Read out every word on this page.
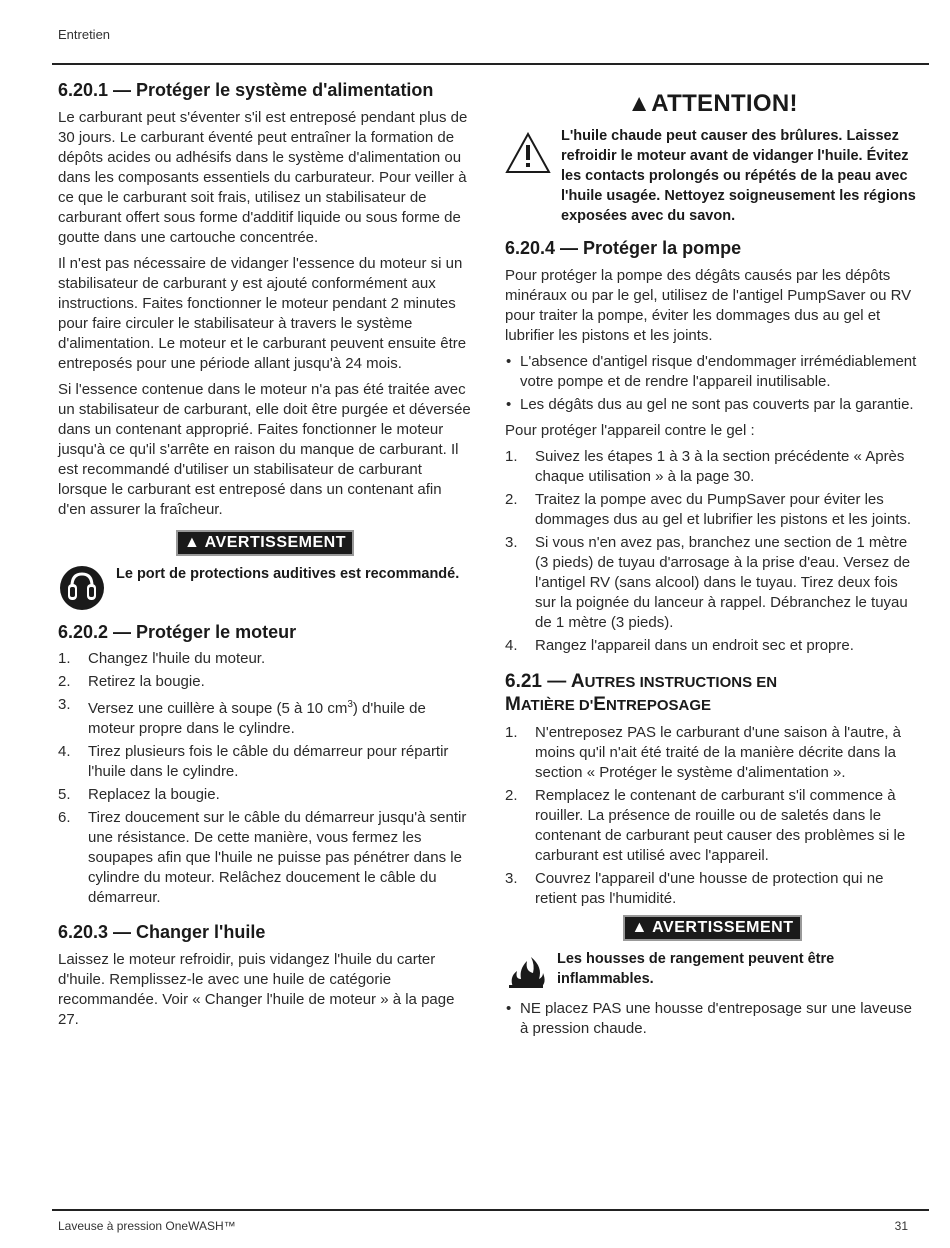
Entretien
6.20.1 — Protéger le système d'alimentation

Le carburant peut s'éventer s'il est entreposé pendant plus de 30 jours. Le carburant éventé peut entraîner la formation de dépôts acides ou adhésifs dans le système d'alimentation ou dans les composants essentiels du carburateur. Pour veiller à ce que le carburant soit frais, utilisez un stabilisateur de carburant offert sous forme d'additif liquide ou sous forme de goutte dans une cartouche concentrée.

Il n'est pas nécessaire de vidanger l'essence du moteur si un stabilisateur de carburant y est ajouté conformément aux instructions. Faites fonctionner le moteur pendant 2 minutes pour faire circuler le stabilisateur à travers le système d'alimentation. Le moteur et le carburant peuvent ensuite être entreposés pour une période allant jusqu'à 24 mois.

Si l'essence contenue dans le moteur n'a pas été traitée avec un stabilisateur de carburant, elle doit être purgée et déversée dans un contenant approprié. Faites fonctionner le moteur jusqu'à ce qu'il s'arrête en raison du manque de carburant. Il est recommandé d'utiliser un stabilisateur de carburant lorsque le carburant est entreposé dans un contenant afin d'en assurer la fraîcheur.

▲ AVERTISSEMENT
Le port de protections auditives est recommandé.
6.20.2 — Protéger le moteur
1. Changez l'huile du moteur.
2. Retirez la bougie.
3. Versez une cuillère à soupe (5 à 10 $cm^3$) d'huile de moteur propre dans le cylindre.
4. Tirez plusieurs fois le câble du démarreur pour répartir l'huile dans le cylindre.
5. Replacez la bougie.
6. Tirez doucement sur le câble du démarreur jusqu'à sentir une résistance. De cette manière, vous fermez les soupapes afin que l'huile ne puisse pas pénétrer dans le cylindre du moteur. Relâchez doucement le câble du démarreur.
6.20.3 — Changer l'huile

Laissez le moteur refroidir, puis vidangez l'huile du carter d'huile. Remplissez-le avec une huile de catégorie recommandée. Voir « Changer l'huile de moteur » à la page 27.

▲ATTENTION!
L'huile chaude peut causer des brûlures. Laissez refroidir le moteur avant de vidanger l'huile. Évitez les contacts prolongés ou répétés de la peau avec l'huile usagée. Nettoyez soigneusement les régions exposées avec du savon.
6.20.4 — Protéger la pompe

Pour protéger la pompe des dégâts causés par les dépôts minéraux ou par le gel, utilisez de l'antigel PumpSaver ou RV pour traiter la pompe, éviter les dommages dus au gel et lubrifier les pistons et les joints.

• L'absence d'antigel risque d'endommager irrémédiablement votre pompe et de rendre l'appareil inutilisable.
• Les dégâts dus au gel ne sont pas couverts par la garantie.

Pour protéger l'appareil contre le gel :

1. Suivez les étapes 1 à 3 à la section précédente « Après chaque utilisation » à la page 30.
2. Traitez la pompe avec du PumpSaver pour éviter les dommages dus au gel et lubrifier les pistons et les joints.
3. Si vous n'en avez pas, branchez une section de 1 mètre (3 pieds) de tuyau d'arrosage à la prise d'eau. Versez de l'antigel RV (sans alcool) dans le tuyau. Tirez deux fois sur la poignée du lanceur à rappel. Débranchez le tuyau de 1 mètre (3 pieds).
4. Rangez l'appareil dans un endroit sec et propre.
6.21 — AUTRES INSTRUCTIONS EN
MATIÈRE D'ENTREPOSAGE
1. N'entreposez PAS le carburant d'une saison à l'autre, à moins qu'il n'ait été traité de la manière décrite dans la section « Protéger le système d'alimentation ».
2. Remplacez le contenant de carburant s'il commence à rouiller. La présence de rouille ou de saletés dans le contenant de carburant peut causer des problèmes si le carburant est utilisé avec l'appareil.
3. Couvrez l'appareil d'une housse de protection qui ne retient pas l'humidité.
▲ AVERTISSEMENT
Les housses de rangement peuvent être inflammables.
• NE placez PAS une housse d'entreposage sur une laveuse à pression chaude.
Laveuse à pression OneWASH™	31
